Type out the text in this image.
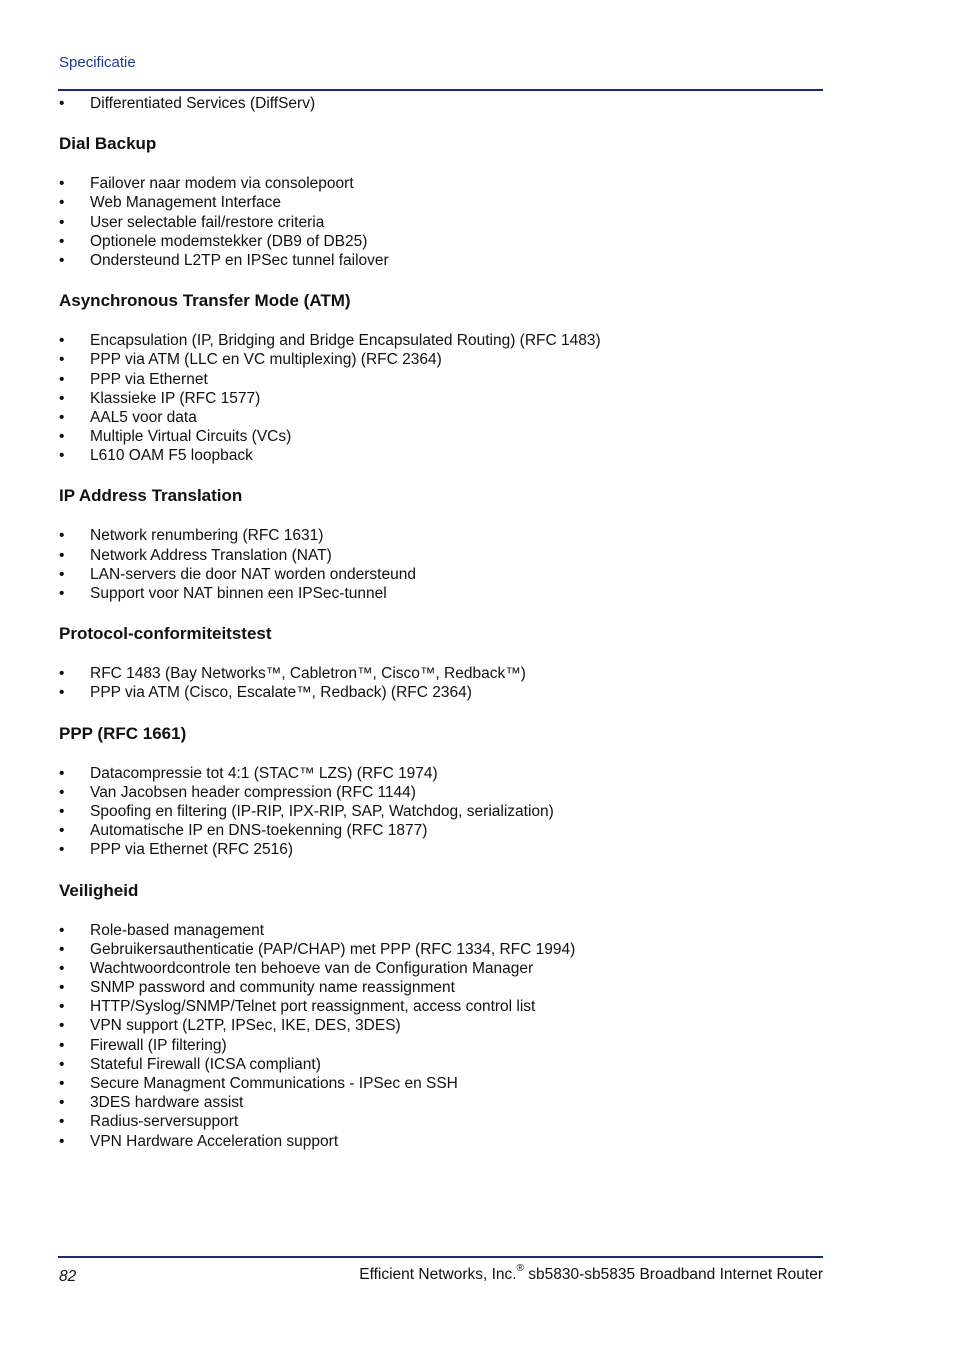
Specificatie
• Differentiated Services (DiffServ)
Dial Backup
• Failover naar modem via consolepoort
• Web Management Interface
• User selectable fail/restore criteria
• Optionele modemstekker (DB9 of DB25)
• Ondersteund L2TP en IPSec tunnel failover
Asynchronous Transfer Mode (ATM)
• Encapsulation (IP, Bridging and Bridge Encapsulated Routing) (RFC 1483)
• PPP via ATM (LLC en VC multiplexing) (RFC 2364)
• PPP via Ethernet
• Klassieke IP (RFC 1577)
• AAL5 voor data
• Multiple Virtual Circuits (VCs)
• L610 OAM F5 loopback
IP Address Translation
• Network renumbering (RFC 1631)
• Network Address Translation (NAT)
• LAN-servers die door NAT worden ondersteund
• Support voor NAT binnen een IPSec-tunnel
Protocol-conformiteitstest
• RFC 1483 (Bay Networks™, Cabletron™, Cisco™, Redback™)
• PPP via ATM (Cisco, Escalate™, Redback) (RFC 2364)
PPP (RFC 1661)
• Datacompressie tot 4:1 (STAC™ LZS) (RFC 1974)
• Van Jacobsen header compression (RFC 1144)
• Spoofing en filtering (IP-RIP, IPX-RIP, SAP, Watchdog, serialization)
• Automatische IP en DNS-toekenning (RFC 1877)
• PPP via Ethernet (RFC 2516)
Veiligheid
• Role-based management
• Gebruikersauthenticatie (PAP/CHAP) met PPP (RFC 1334, RFC 1994)
• Wachtwoordcontrole ten behoeve van de Configuration Manager
• SNMP password and community name reassignment
• HTTP/Syslog/SNMP/Telnet port reassignment, access control list
• VPN support (L2TP, IPSec, IKE, DES, 3DES)
• Firewall (IP filtering)
• Stateful Firewall (ICSA compliant)
• Secure Managment Communications - IPSec en SSH
• 3DES hardware assist
• Radius-serversupport
• VPN Hardware Acceleration support
82	Efficient Networks, Inc.® sb5830-sb5835 Broadband Internet Router
